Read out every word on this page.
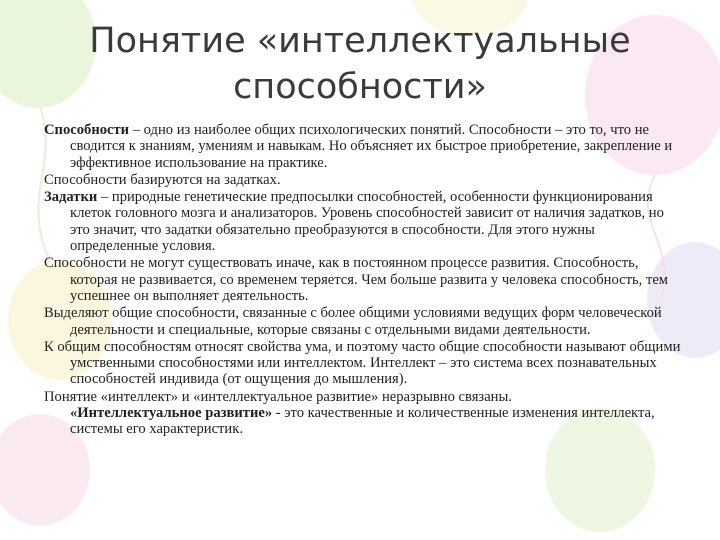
Понятие «интеллектуальные
способности»

Способности – одно из наиболее общих психологических понятий. Способности – это то, что не сводится к знаниям, умениям и навыкам. Но объясняет их быстрое приобретение, закрепление и эффективное использование на практике.

Способности базируются на задатках.

Задатки – природные генетические предпосылки способностей, особенности функционирования клеток головного мозга и анализаторов. Уровень способностей зависит от наличия задатков, но это значит, что задатки обязательно преобразуются в способности. Для этого нужны определенные условия.

Способности не могут существовать иначе, как в постоянном процессе развития. Способность, которая не развивается, со временем теряется. Чем больше развита у человека способность, тем успешнее он выполняет деятельность.

Выделяют общие способности, связанные с более общими условиями ведущих форм человеческой деятельности и специальные, которые связаны с отдельными видами деятельности.

К общим способностям относят свойства ума, и поэтому часто общие способности называют общими умственными способностями или интеллектом. Интеллект – это система всех познавательных способностей индивида (от ощущения до мышления).

Понятие «интеллект» и «интеллектуальное развитие» неразрывно связаны.
«Интеллектуальное развитие» - это качественные и количественные изменения интеллекта, системы его характеристик.
